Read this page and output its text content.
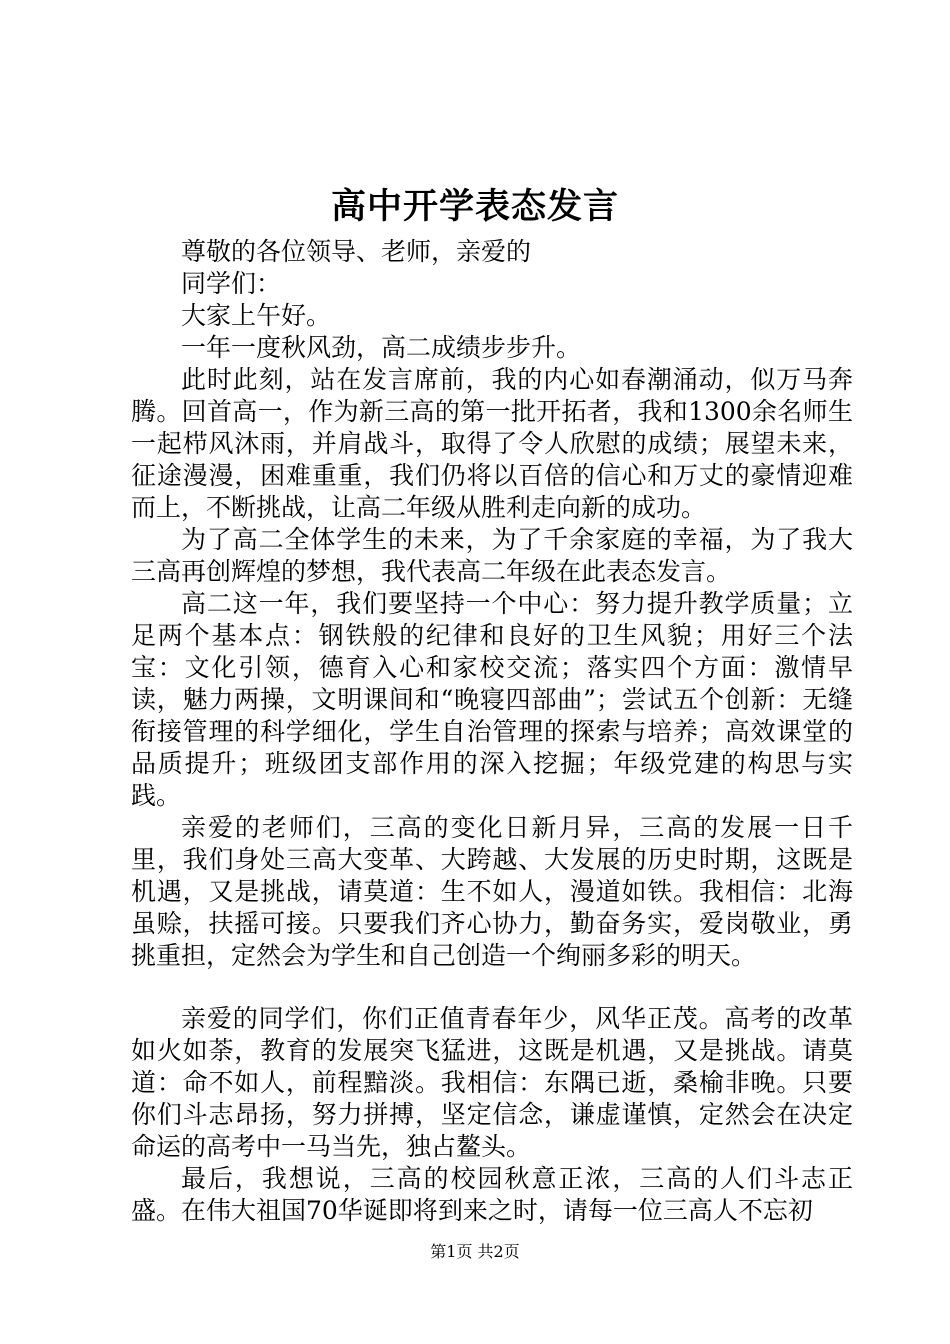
高中开学表态发言

尊敬的各位领导、老师，亲爱的

同学们：

大家上午好。

一年一度秋风劲，高二成绩步步升。

此时此刻，站在发言席前，我的内心如春潮涌动，似万马奔腾。回首高一，作为新三高的第一批开拓者，我和1300余名师生一起栉风沐雨，并肩战斗，取得了令人欣慰的成绩；展望未来，征途漫漫，困难重重，我们仍将以百倍的信心和万丈的豪情迎难而上，不断挑战，让高二年级从胜利走向新的成功。

为了高二全体学生的未来，为了千余家庭的幸福，为了我大三高再创辉煌的梦想，我代表高二年级在此表态发言。

高二这一年，我们要坚持一个中心：努力提升教学质量；立足两个基本点：钢铁般的纪律和良好的卫生风貌；用好三个法宝：文化引领，德育入心和家校交流；落实四个方面：激情早读，魅力两操，文明课间和“晚寝四部曲”；尝试五个创新：无缝衔接管理的科学细化，学生自治管理的探索与培养；高效课堂的品质提升；班级团支部作用的深入挖掘；年级党建的构思与实践。

亲爱的老师们，三高的变化日新月异，三高的发展一日千里，我们身处三高大变革、大跨越、大发展的历史时期，这既是机遇，又是挑战，请莫道：生不如人，漫道如铁。我相信：北海虽赊，扶摇可接。只要我们齐心协力，勤奋务实，爱岗敬业，勇挑重担，定然会为学生和自己创造一个绚丽多彩的明天。

亲爱的同学们，你们正值青春年少，风华正茂。高考的改革如火如荼，教育的发展突飞猛进，这既是机遇，又是挑战。请莫道：命不如人，前程黯淡。我相信：东隅已逝，桑榆非晚。只要你们斗志昂扬，努力拼搏，坚定信念，谦虚谨慎，定然会在决定命运的高考中一马当先，独占鳌头。

最后，我想说，三高的校园秋意正浓，三高的人们斗志正盛。在伟大祖国70华诞即将到来之时，请每一位三高人不忘初

第1页 共2页
